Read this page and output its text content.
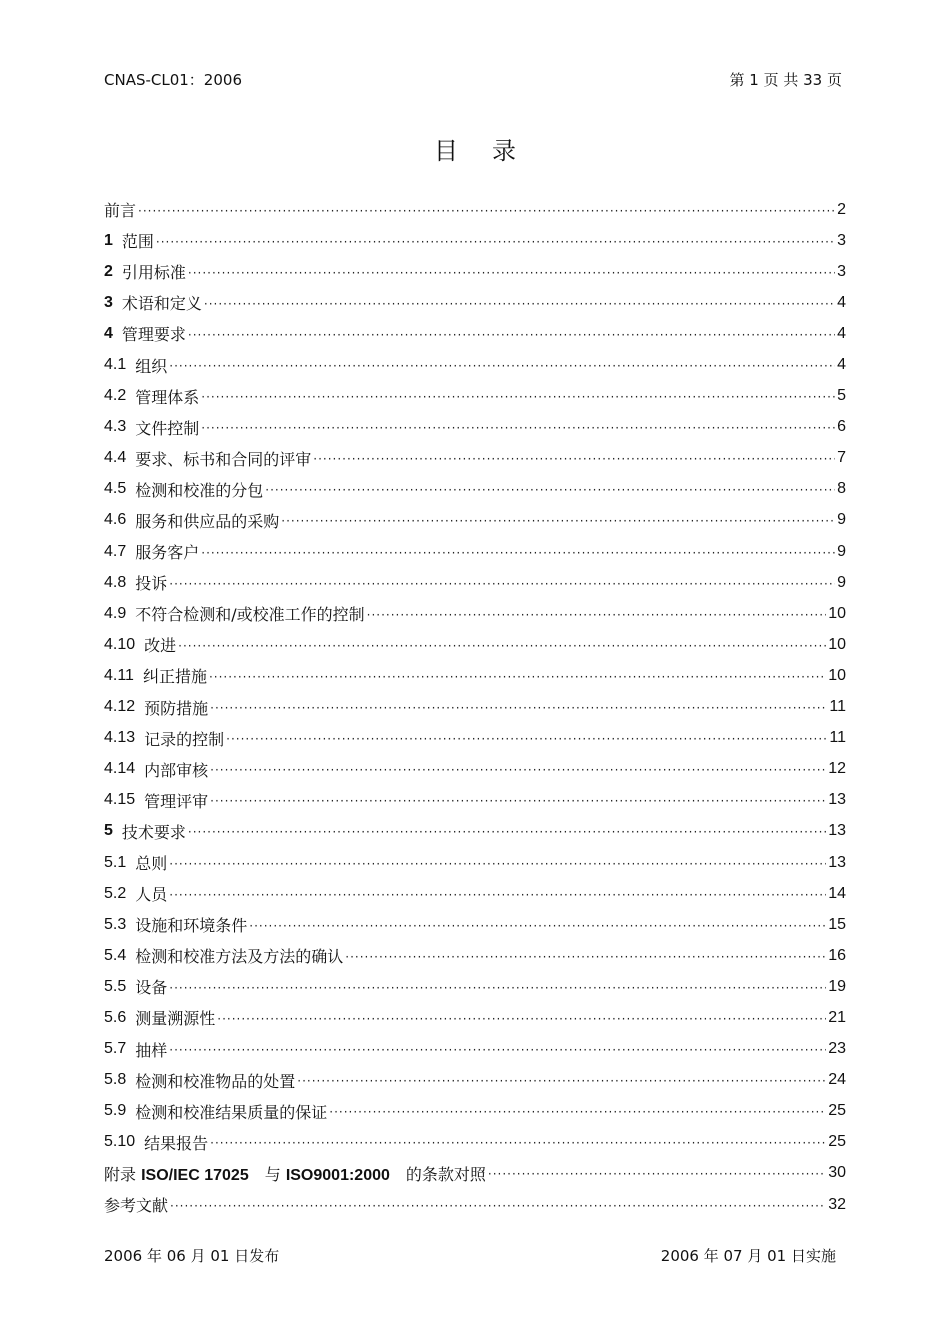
CNAS-CL01：2006	第 1 页 共 33 页
目录
前言 ·····	2
1 范围 ·····	3
2 引用标准 ·····	3
3 术语和定义 ·····	4
4 管理要求 ·····	4
4.1 组织 ·····	4
4.2 管理体系 ·····	5
4.3 文件控制 ·····	6
4.4 要求、标书和合同的评审 ·····	7
4.5 检测和校准的分包 ·····	8
4.6 服务和供应品的采购 ·····	9
4.7 服务客户 ·····	9
4.8 投诉 ·····	9
4.9 不符合检测和/或校准工作的控制 ·····	10
4.10 改进 ·····	10
4.11 纠正措施 ·····	10
4.12 预防措施 ·····	11
4.13 记录的控制 ·····	11
4.14 内部审核 ·····	12
4.15 管理评审 ·····	13
5 技术要求 ·····	13
5.1 总则 ·····	13
5.2 人员 ·····	14
5.3 设施和环境条件 ·····	15
5.4 检测和校准方法及方法的确认 ·····	16
5.5 设备 ·····	19
5.6 测量溯源性 ·····	21
5.7 抽样 ·····	23
5.8 检测和校准物品的处置 ·····	24
5.9 检测和校准结果质量的保证 ·····	25
5.10 结果报告 ·····	25
附录 ISO/IEC 17025　与 ISO9001:2000　的条款对照 ·····	30
参考文献 ·····	32
2006 年 06 月 01 日发布	2006 年 07 月 01 日实施
